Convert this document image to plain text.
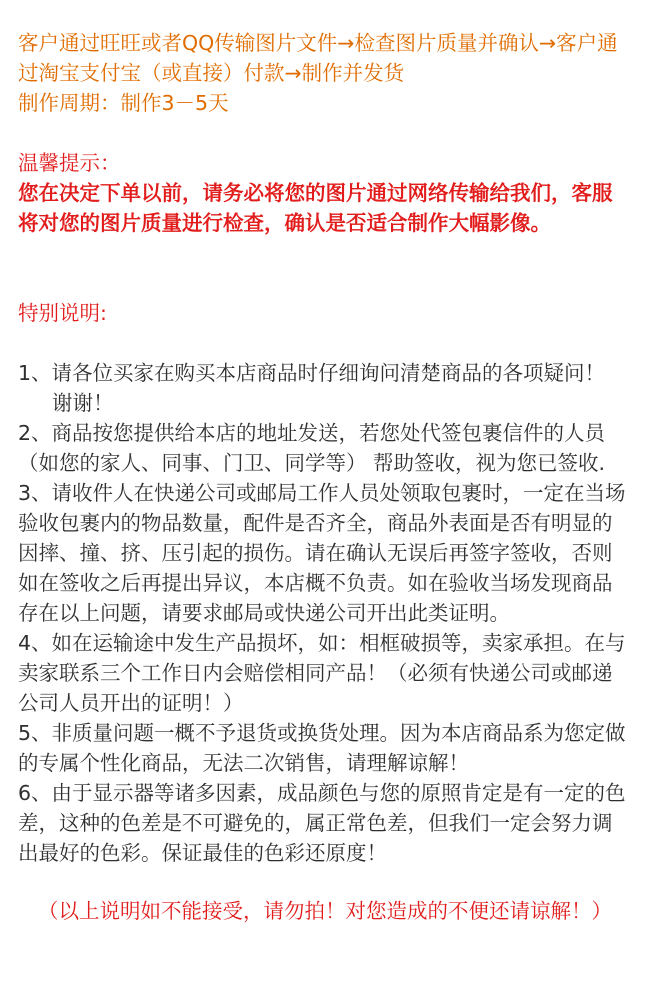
客户通过旺旺或者QQ传输图片文件→检查图片质量并确认→客户通过淘宝支付宝（或直接）付款→制作并发货

制作周期：制作3－5天

温馨提示：

您在决定下单以前，请务必将您的图片通过网络传输给我们，客服将对您的图片质量进行检查，确认是否适合制作大幅影像。

特别说明:

1、请各位买家在购买本店商品时仔细询问清楚商品的各项疑问！

谢谢！

2、商品按您提供给本店的地址发送，若您处代签包裹信件的人员（如您的家人、同事、门卫、同学等） 帮助签收，视为您已签收.

3、请收件人在快递公司或邮局工作人员处领取包裹时，一定在当场验收包裹内的物品数量，配件是否齐全，商品外表面是否有明显的因摔、撞、挤、压引起的损伤。请在确认无误后再签字签收，否则如在签收之后再提出异议，本店概不负责。如在验收当场发现商品存在以上问题，请要求邮局或快递公司开出此类证明。

4、如在运输途中发生产品损坏，如：相框破损等，卖家承担。在与卖家联系三个工作日内会赔偿相同产品！（必须有快递公司或邮递公司人员开出的证明！）

5、非质量问题一概不予退货或换货处理。因为本店商品系为您定做的专属个性化商品，无法二次销售，请理解谅解！

6、由于显示器等诸多因素，成品颜色与您的原照肯定是有一定的色差，这种的色差是不可避免的，属正常色差，但我们一定会努力调出最好的色彩。保证最佳的色彩还原度！

（以上说明如不能接受，请勿拍！对您造成的不便还请谅解！）
